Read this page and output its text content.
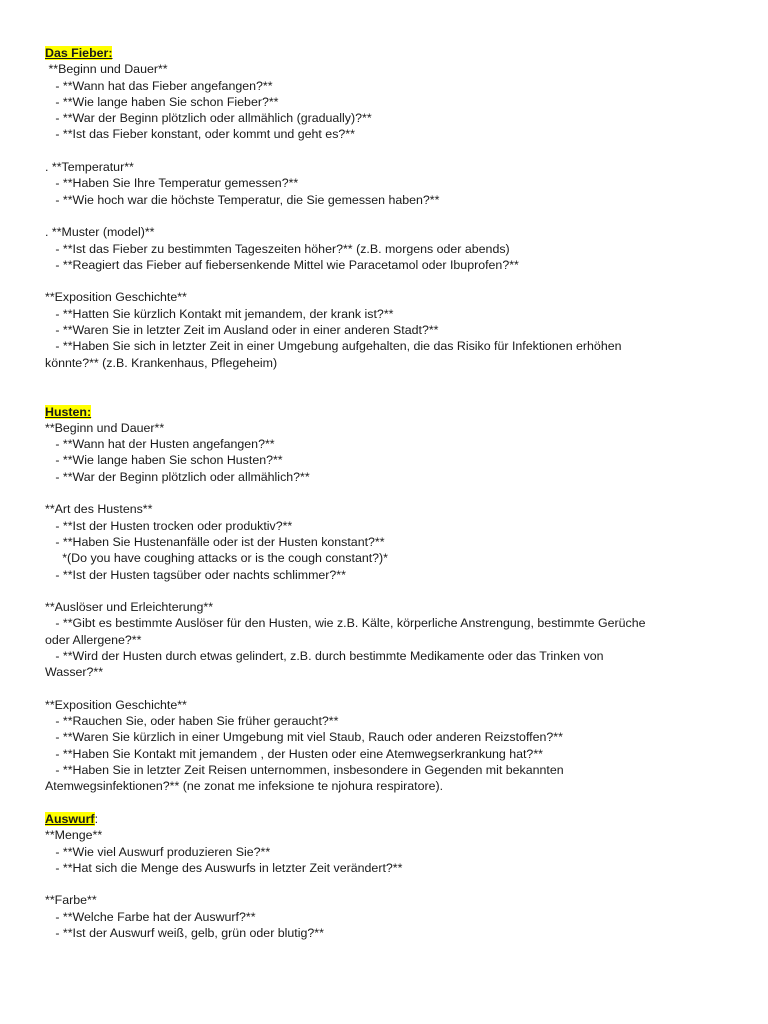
Das Fieber:
**Beginn und Dauer**
- **Wann hat das Fieber angefangen?**
- **Wie lange haben Sie schon Fieber?**
- **War der Beginn plötzlich oder allmählich (gradually)?**
- **Ist das Fieber konstant, oder kommt und geht es?**
. **Temperatur**
- **Haben Sie Ihre Temperatur gemessen?**
- **Wie hoch war die höchste Temperatur, die Sie gemessen haben?**
. **Muster (model)**
- **Ist das Fieber zu bestimmten Tageszeiten höher?** (z.B. morgens oder abends)
- **Reagiert das Fieber auf fiebersenkende Mittel wie Paracetamol oder Ibuprofen?**
**Exposition Geschichte**
- **Hatten Sie kürzlich Kontakt mit jemandem, der krank ist?**
- **Waren Sie in letzter Zeit im Ausland oder in einer anderen Stadt?**
- **Haben Sie sich in letzter Zeit in einer Umgebung aufgehalten, die das Risiko für Infektionen erhöhen
könnte?** (z.B. Krankenhaus, Pflegeheim)
Husten:
**Beginn und Dauer**
- **Wann hat der Husten angefangen?**
- **Wie lange haben Sie schon Husten?**
- **War der Beginn plötzlich oder allmählich?**
**Art des Hustens**
- **Ist der Husten trocken oder produktiv?**
- **Haben Sie Hustenanfälle oder ist der Husten konstant?**
*(Do you have coughing attacks or is the cough constant?)*
- **Ist der Husten tagsüber oder nachts schlimmer?**
**Auslöser und Erleichterung**
- **Gibt es bestimmte Auslöser für den Husten, wie z.B. Kälte, körperliche Anstrengung, bestimmte Gerüche
oder Allergene?**
- **Wird der Husten durch etwas gelindert, z.B. durch bestimmte Medikamente oder das Trinken von
Wasser?**
**Exposition Geschichte**
- **Rauchen Sie, oder haben Sie früher geraucht?**
- **Waren Sie kürzlich in einer Umgebung mit viel Staub, Rauch oder anderen Reizstoffen?**
- **Haben Sie Kontakt mit jemandem , der Husten oder eine Atemwegserkrankung hat?**
- **Haben Sie in letzter Zeit Reisen unternommen, insbesondere in Gegenden mit bekannten
Atemwegsinfektionen?** (ne zonat me infeksione te njohura respiratore).
Auswurf:
**Menge**
- **Wie viel Auswurf produzieren Sie?**
- **Hat sich die Menge des Auswurfs in letzter Zeit verändert?**
**Farbe**
- **Welche Farbe hat der Auswurf?**
- **Ist der Auswurf weiß, gelb, grün oder blutig?**
